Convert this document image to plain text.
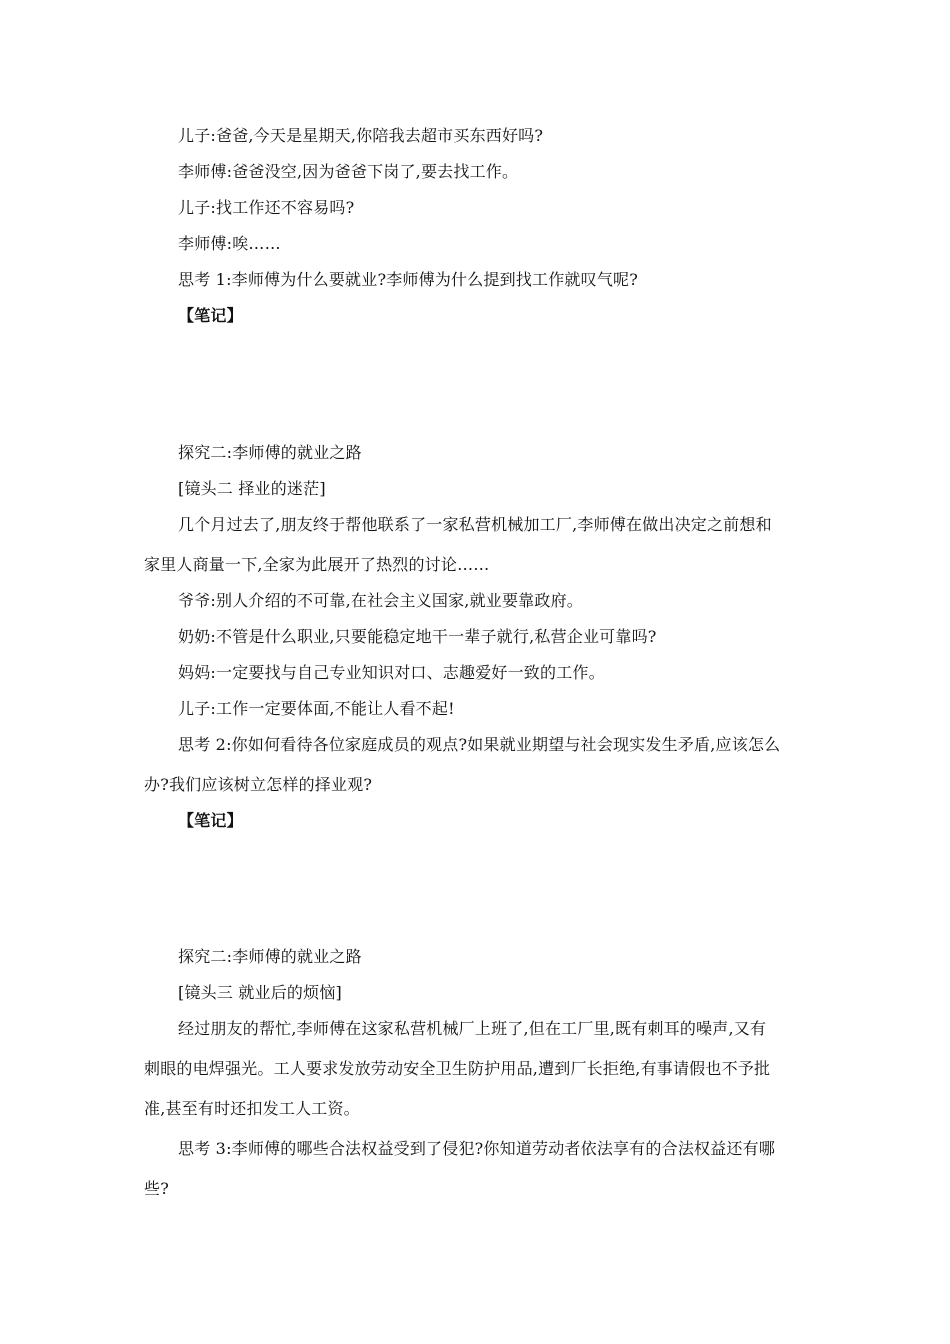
儿子:爸爸,今天是星期天,你陪我去超市买东西好吗?
李师傅:爸爸没空,因为爸爸下岗了,要去找工作。
儿子:找工作还不容易吗?
李师傅:唉……
思考 1:李师傅为什么要就业?李师傅为什么提到找工作就叹气呢?
【笔记】
探究二:李师傅的就业之路
[镜头二 择业的迷茫]
几个月过去了,朋友终于帮他联系了一家私营机械加工厂,李师傅在做出决定之前想和
家里人商量一下,全家为此展开了热烈的讨论……
爷爷:别人介绍的不可靠,在社会主义国家,就业要靠政府。
奶奶:不管是什么职业,只要能稳定地干一辈子就行,私营企业可靠吗?
妈妈:一定要找与自己专业知识对口、志趣爱好一致的工作。
儿子:工作一定要体面,不能让人看不起!
思考 2:你如何看待各位家庭成员的观点?如果就业期望与社会现实发生矛盾,应该怎么
办?我们应该树立怎样的择业观?
【笔记】
探究二:李师傅的就业之路
[镜头三 就业后的烦恼]
经过朋友的帮忙,李师傅在这家私营机械厂上班了,但在工厂里,既有刺耳的噪声,又有
刺眼的电焊强光。工人要求发放劳动安全卫生防护用品,遭到厂长拒绝,有事请假也不予批
准,甚至有时还扣发工人工资。
思考 3:李师傅的哪些合法权益受到了侵犯?你知道劳动者依法享有的合法权益还有哪
些?
